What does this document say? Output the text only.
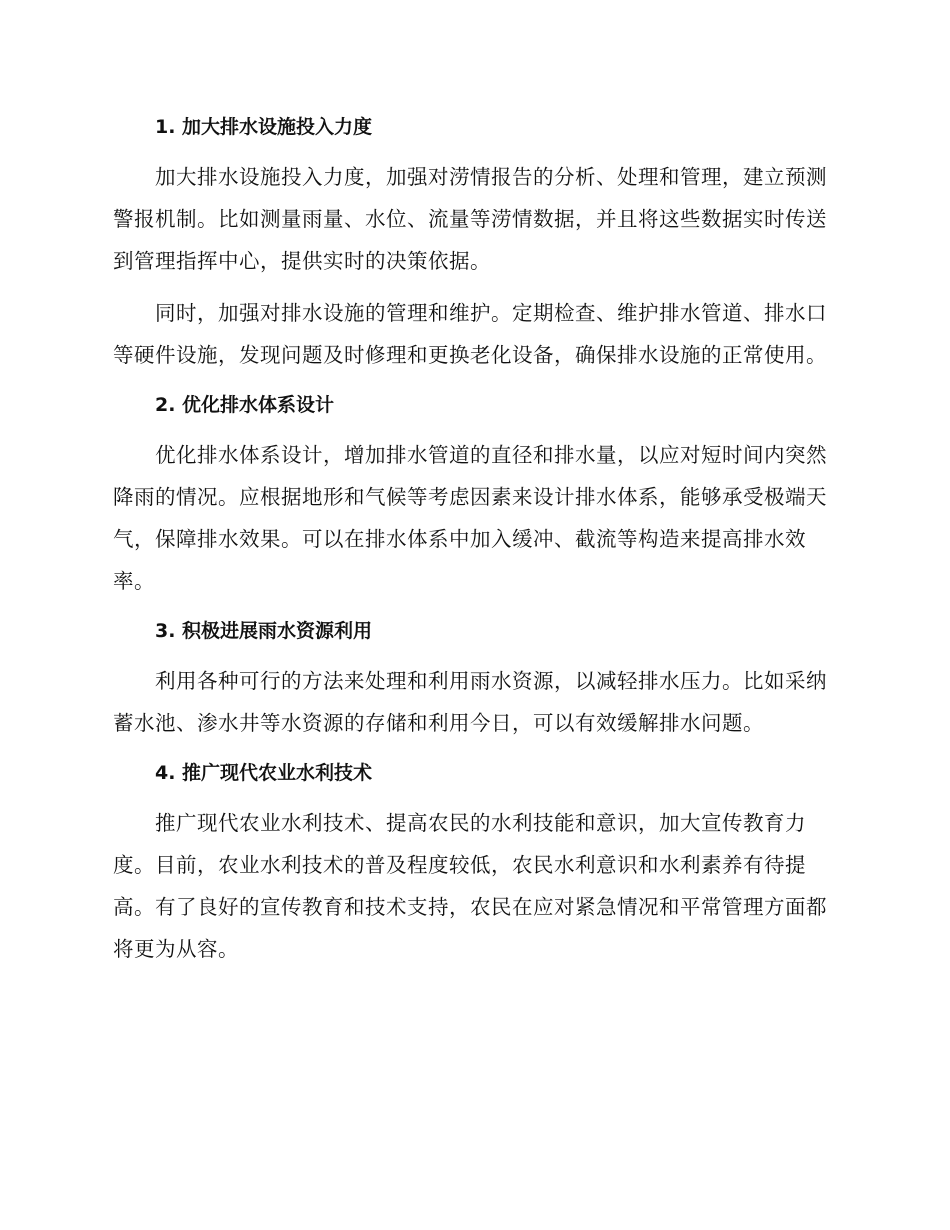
1. 加大排水设施投入力度

加大排水设施投入力度，加强对涝情报告的分析、处理和管理，建立预测警报机制。比如测量雨量、水位、流量等涝情数据，并且将这些数据实时传送到管理指挥中心，提供实时的决策依据。

同时，加强对排水设施的管理和维护。定期检查、维护排水管道、排水口等硬件设施，发现问题及时修理和更换老化设备，确保排水设施的正常使用。

2. 优化排水体系设计

优化排水体系设计，增加排水管道的直径和排水量，以应对短时间内突然降雨的情况。应根据地形和气候等考虑因素来设计排水体系，能够承受极端天气，保障排水效果。可以在排水体系中加入缓冲、截流等构造来提高排水效率。

3. 积极进展雨水资源利用

利用各种可行的方法来处理和利用雨水资源，以减轻排水压力。比如采纳蓄水池、渗水井等水资源的存储和利用今日，可以有效缓解排水问题。

4. 推广现代农业水利技术

推广现代农业水利技术、提高农民的水利技能和意识，加大宣传教育力度。目前，农业水利技术的普及程度较低，农民水利意识和水利素养有待提高。有了良好的宣传教育和技术支持，农民在应对紧急情况和平常管理方面都将更为从容。
